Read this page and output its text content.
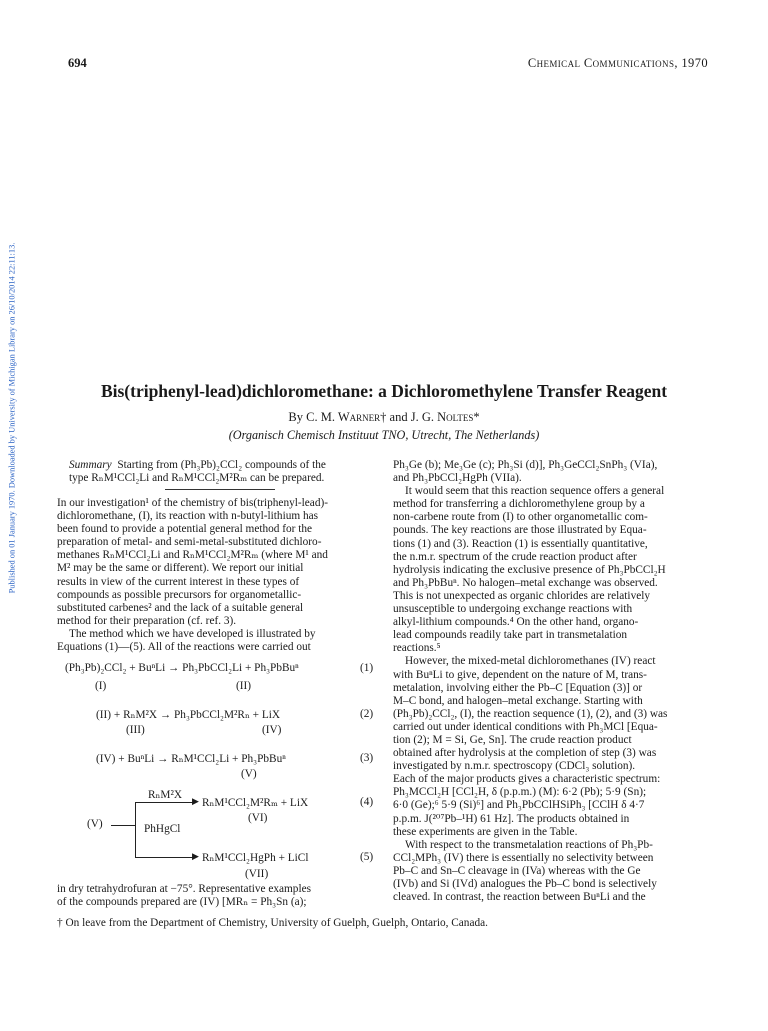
694	Chemical Communications, 1970
Published on 01 January 1970. Downloaded by University of Michigan Library on 26/10/2014 22:11:13.	Bis(triphenyl-lead)dichloromethane: a Dichloromethylene Transfer Reagent
By C. M. Warner† and J. G. Noltes*
(Organisch Chemisch Instituut TNO, Utrecht, The Netherlands)

Summary Starting from (Ph₃Pb)₂CCl₂ compounds of the

type RₙM¹CCl₂Li and RₙM¹CCl₂M²Rₘ can be prepared.

In our investigation¹ of the chemistry of bis(triphenyl-lead)-

dichloromethane, (I), its reaction with n-butyl-lithium has

been found to provide a potential general method for the

preparation of metal- and semi-metal-substituted dichloro-

methanes RₙM¹CCl₂Li and RₙM¹CCl₂M²Rₘ (where M¹ and

M² may be the same or different). We report our initial

results in view of the current interest in these types of

compounds as possible precursors for organometallic-

substituted carbenes² and the lack of a suitable general

method for their preparation (cf. ref. 3).

The method which we have developed is illustrated by

Equations (1)—(5). All of the reactions were carried out

(Ph₃Pb)₂CCl₂ + BuⁿLi → Ph₃PbCCl₂Li + Ph₃PbBuⁿ	(1)
(I)	(II)
(II) + RₙM²X → Ph₃PbCCl₂M²Rₙ + LiX	(2)
(III)	(IV)
(IV) + BuⁿLi → RₙM¹CCl₂Li + Ph₃PbBuⁿ	(3)
(V)
(V)
RₙM²X ▶ RₙM¹CCl₂M²Rₘ + LiX	(4)
(VI)
PhHgCl
▶ RₙM¹CCl₂HgPh + LiCl	(5)
(VII)

in dry tetrahydrofuran at −75°. Representative examples

of the compounds prepared are (IV) [MRₙ = Ph₃Sn (a);

Ph₃Ge (b); Me₃Ge (c); Ph₃Si (d)], Ph₃GeCCl₂SnPh₃ (VIa),

and Ph₃PbCCl₂HgPh (VIIa).

It would seem that this reaction sequence offers a general

method for transferring a dichloromethylene group by a

non-carbene route from (I) to other organometallic com-

pounds. The key reactions are those illustrated by Equa-

tions (1) and (3). Reaction (1) is essentially quantitative,

the n.m.r. spectrum of the crude reaction product after

hydrolysis indicating the exclusive presence of Ph₃PbCCl₂H

and Ph₃PbBuⁿ. No halogen–metal exchange was observed.

This is not unexpected as organic chlorides are relatively

unsusceptible to undergoing exchange reactions with

alkyl-lithium compounds.⁴ On the other hand, organo-

lead compounds readily take part in transmetalation

reactions.⁵

However, the mixed-metal dichloromethanes (IV) react

with BuⁿLi to give, dependent on the nature of M, trans-

metalation, involving either the Pb–C [Equation (3)] or

M–C bond, and halogen–metal exchange. Starting with

(Ph₃Pb)₂CCl₂, (I), the reaction sequence (1), (2), and (3) was

carried out under identical conditions with Ph₃MCl [Equa-

tion (2); M = Si, Ge, Sn]. The crude reaction product

obtained after hydrolysis at the completion of step (3) was

investigated by n.m.r. spectroscopy (CDCl₃ solution).

Each of the major products gives a characteristic spectrum:

Ph₃MCCl₂H [CCl₂H, δ (p.p.m.) (M): 6·2 (Pb); 5·9 (Sn);

6·0 (Ge);⁶ 5·9 (Si)⁶] and Ph₃PbCClHSiPh₃ [CClH δ 4·7

p.p.m. J(²⁰⁷Pb–¹H) 61 Hz]. The products obtained in

these experiments are given in the Table.

With respect to the transmetalation reactions of Ph₃Pb-

CCl₂MPh₃ (IV) there is essentially no selectivity between

Pb–C and Sn–C cleavage in (IVa) whereas with the Ge

(IVb) and Si (IVd) analogues the Pb–C bond is selectively

cleaved. In contrast, the reaction between BuⁿLi and the

† On leave from the Department of Chemistry, University of Guelph, Guelph, Ontario, Canada.
